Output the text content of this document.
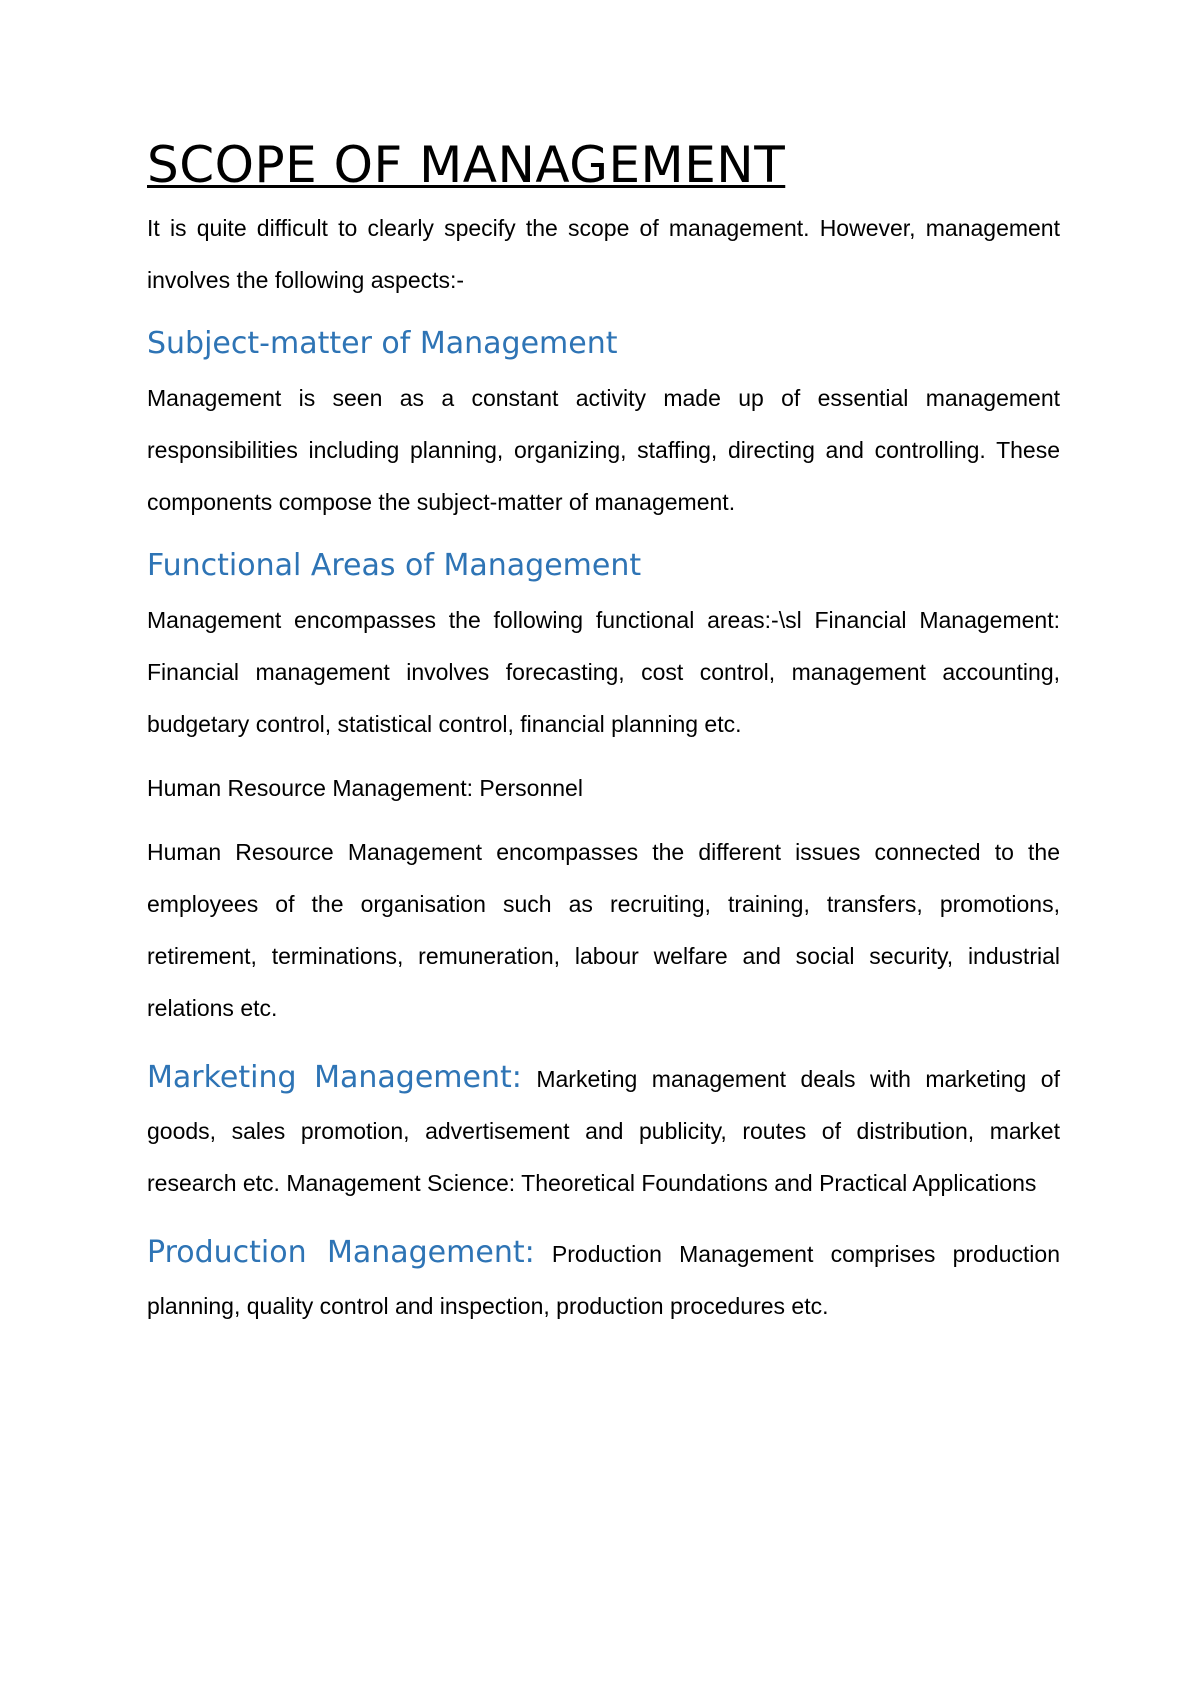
SCOPE OF MANAGEMENT

It is quite difficult to clearly specify the scope of management. However, management involves the following aspects:-

Subject-matter of Management

Management is seen as a constant activity made up of essential management responsibilities including planning, organizing, staffing, directing and controlling. These components compose the subject-matter of management.

Functional Areas of Management

Management encompasses the following functional areas:-\sl Financial Management: Financial management involves forecasting, cost control, management accounting, budgetary control, statistical control, financial planning etc.

Human Resource Management: Personnel

Human Resource Management encompasses the different issues connected to the employees of the organisation such as recruiting, training, transfers, promotions, retirement, terminations, remuneration, labour welfare and social security, industrial relations etc.

Marketing Management: Marketing management deals with marketing of goods, sales promotion, advertisement and publicity, routes of distribution, market research etc. Management Science: Theoretical Foundations and Practical Applications

Production Management: Production Management comprises production planning, quality control and inspection, production procedures etc.
